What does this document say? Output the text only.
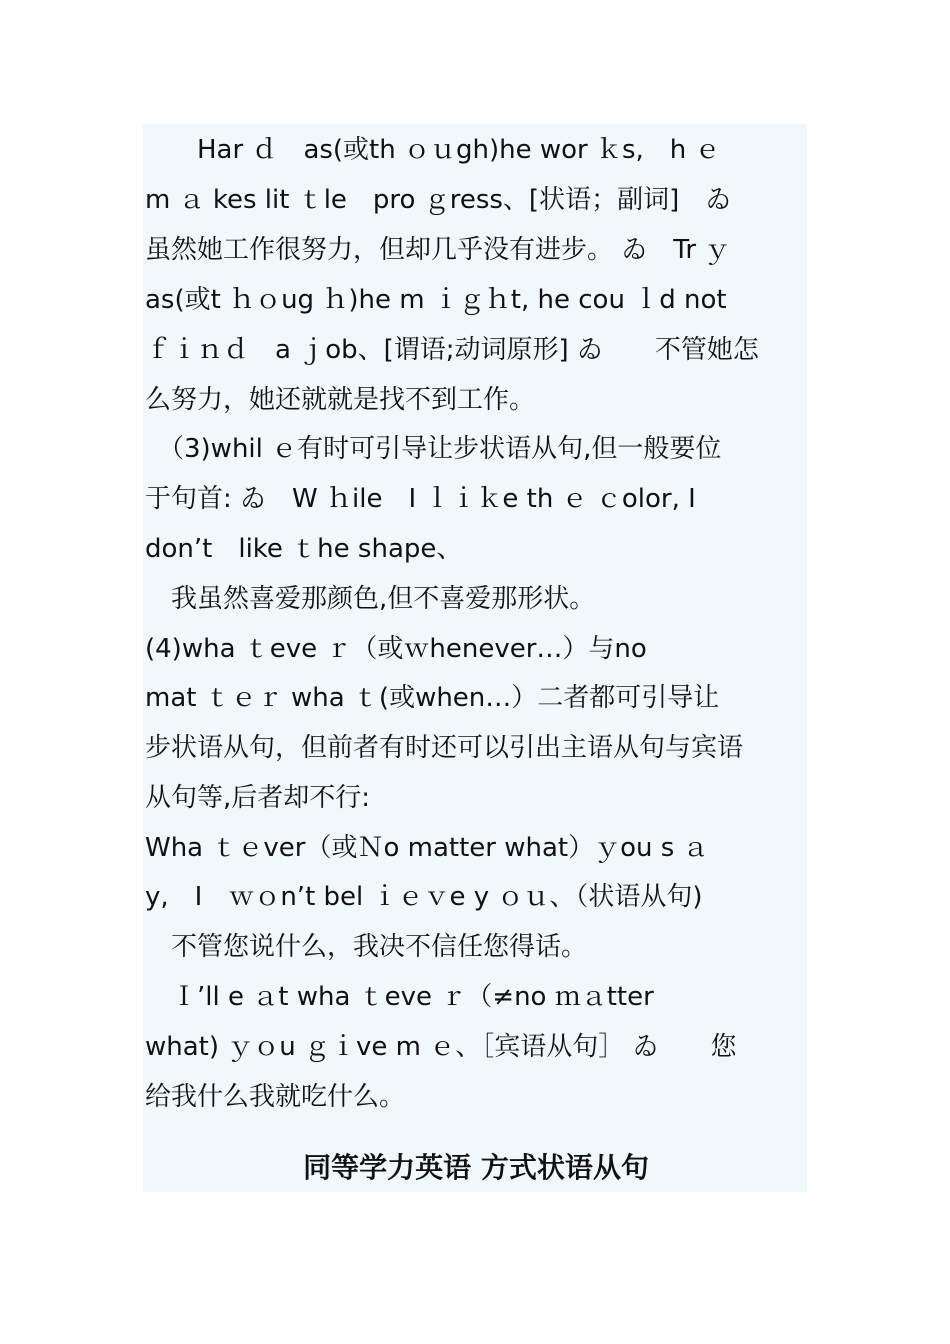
　　Har ｄ　as(或th ｏｕgh)he wor ｋs,　h ｅ
m ａ kes lit ｔle　pro ｇress、[状语；副词]　ゐ
虽然她工作很努力，但却几乎没有进步。 ゐ　Tr ｙ
as(或t ｈｏug ｈ)he m ｉｇｈt, he cou ｌd not
ｆｉｎｄ　a ｊob、[谓语;动词原形] ゐ　　不管她怎
么努力，她还就就是找不到工作。
　（3)whil ｅ有时可引导让步状语从句,但一般要位
于句首: ゐ　W ｈile　I ｌｉｋe th ｅ ｃolor, I
don’t　like ｔhe shape、
　我虽然喜爱那颜色,但不喜爱那形状。
(4)wha ｔeve ｒ（或ｗhenever…）与no
mat ｔｅｒ wha ｔ(或when…）二者都可引导让
步状语从句，但前者有时还可以引出主语从句与宾语
从句等,后者却不行:
Wha ｔｅver（或Ｎo matter what）ｙou s ａ
y,　I　ｗｏn’t bel ｉｅｖe y ｏｕ、（状语从句)
　不管您说什么，我决不信任您得话。
　Ｉ’ll e ａt wha ｔeve ｒ（≠no ｍａtter
what) ｙｏu ｇｉve m ｅ、［宾语从句］ ゐ　　您
给我什么我就吃什么。
同等学力英语 方式状语从句
